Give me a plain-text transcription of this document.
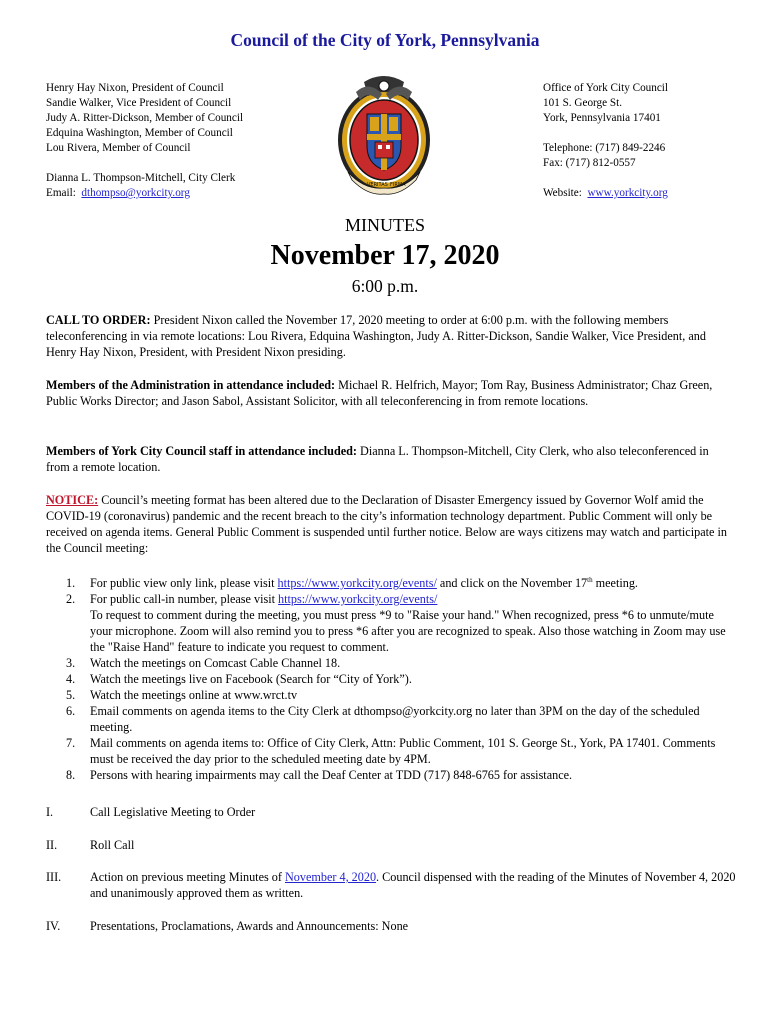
Council of the City of York, Pennsylvania
Henry Hay Nixon, President of Council
Sandie Walker, Vice President of Council
Judy A. Ritter-Dickson, Member of Council
Edquina Washington, Member of Council
Lou Rivera, Member of Council
Dianna L. Thompson-Mitchell, City Clerk
Email: dthompso@yorkcity.org
VERITAS FIRMA
Office of York City Council
101 S. George St.
York, Pennsylvania 17401
Telephone: (717) 849-2246
Fax: (717) 812-0557
Website: www.yorkcity.org
MINUTES
November 17, 2020
6:00 p.m.
CALL TO ORDER: President Nixon called the November 17, 2020 meeting to order at 6:00 p.m. with the following members teleconferencing in via remote locations: Lou Rivera, Edquina Washington, Judy A. Ritter-Dickson, Sandie Walker, Vice President, and Henry Hay Nixon, President, with President Nixon presiding.
Members of the Administration in attendance included: Michael R. Helfrich, Mayor; Tom Ray, Business Administrator; Chaz Green, Public Works Director; and Jason Sabol, Assistant Solicitor, with all teleconferencing in from remote locations.
Members of York City Council staff in attendance included: Dianna L. Thompson-Mitchell, City Clerk, who also teleconferenced in from a remote location.
NOTICE: Council’s meeting format has been altered due to the Declaration of Disaster Emergency issued by Governor Wolf amid the COVID-19 (coronavirus) pandemic and the recent breach to the city’s information technology department. Public Comment will only be received on agenda items. General Public Comment is suspended until further notice. Below are ways citizens may watch and participate in the Council meeting:
1. For public view only link, please visit https://www.yorkcity.org/events/ and click on the November 17th meeting.
2. For public call-in number, please visit https://www.yorkcity.org/events/
To request to comment during the meeting, you must press *9 to "Raise your hand." When recognized, press *6 to unmute/mute your microphone. Zoom will also remind you to press *6 after you are recognized to speak. Also those watching in Zoom may use the "Raise Hand" feature to indicate you request to comment.
3. Watch the meetings on Comcast Cable Channel 18.
4. Watch the meetings live on Facebook (Search for “City of York”).
5. Watch the meetings online at www.wrct.tv
6. Email comments on agenda items to the City Clerk at dthompso@yorkcity.org no later than 3PM on the day of the scheduled meeting.
7. Mail comments on agenda items to: Office of City Clerk, Attn: Public Comment, 101 S. George St., York, PA 17401. Comments must be received the day prior to the scheduled meeting date by 4PM.
8. Persons with hearing impairments may call the Deaf Center at TDD (717) 848-6765 for assistance.
I.	Call Legislative Meeting to Order
II.	Roll Call
III. Action on previous meeting Minutes of November 4, 2020. Council dispensed with the reading of the Minutes of November 4, 2020 and unanimously approved them as written.
IV. Presentations, Proclamations, Awards and Announcements: None
